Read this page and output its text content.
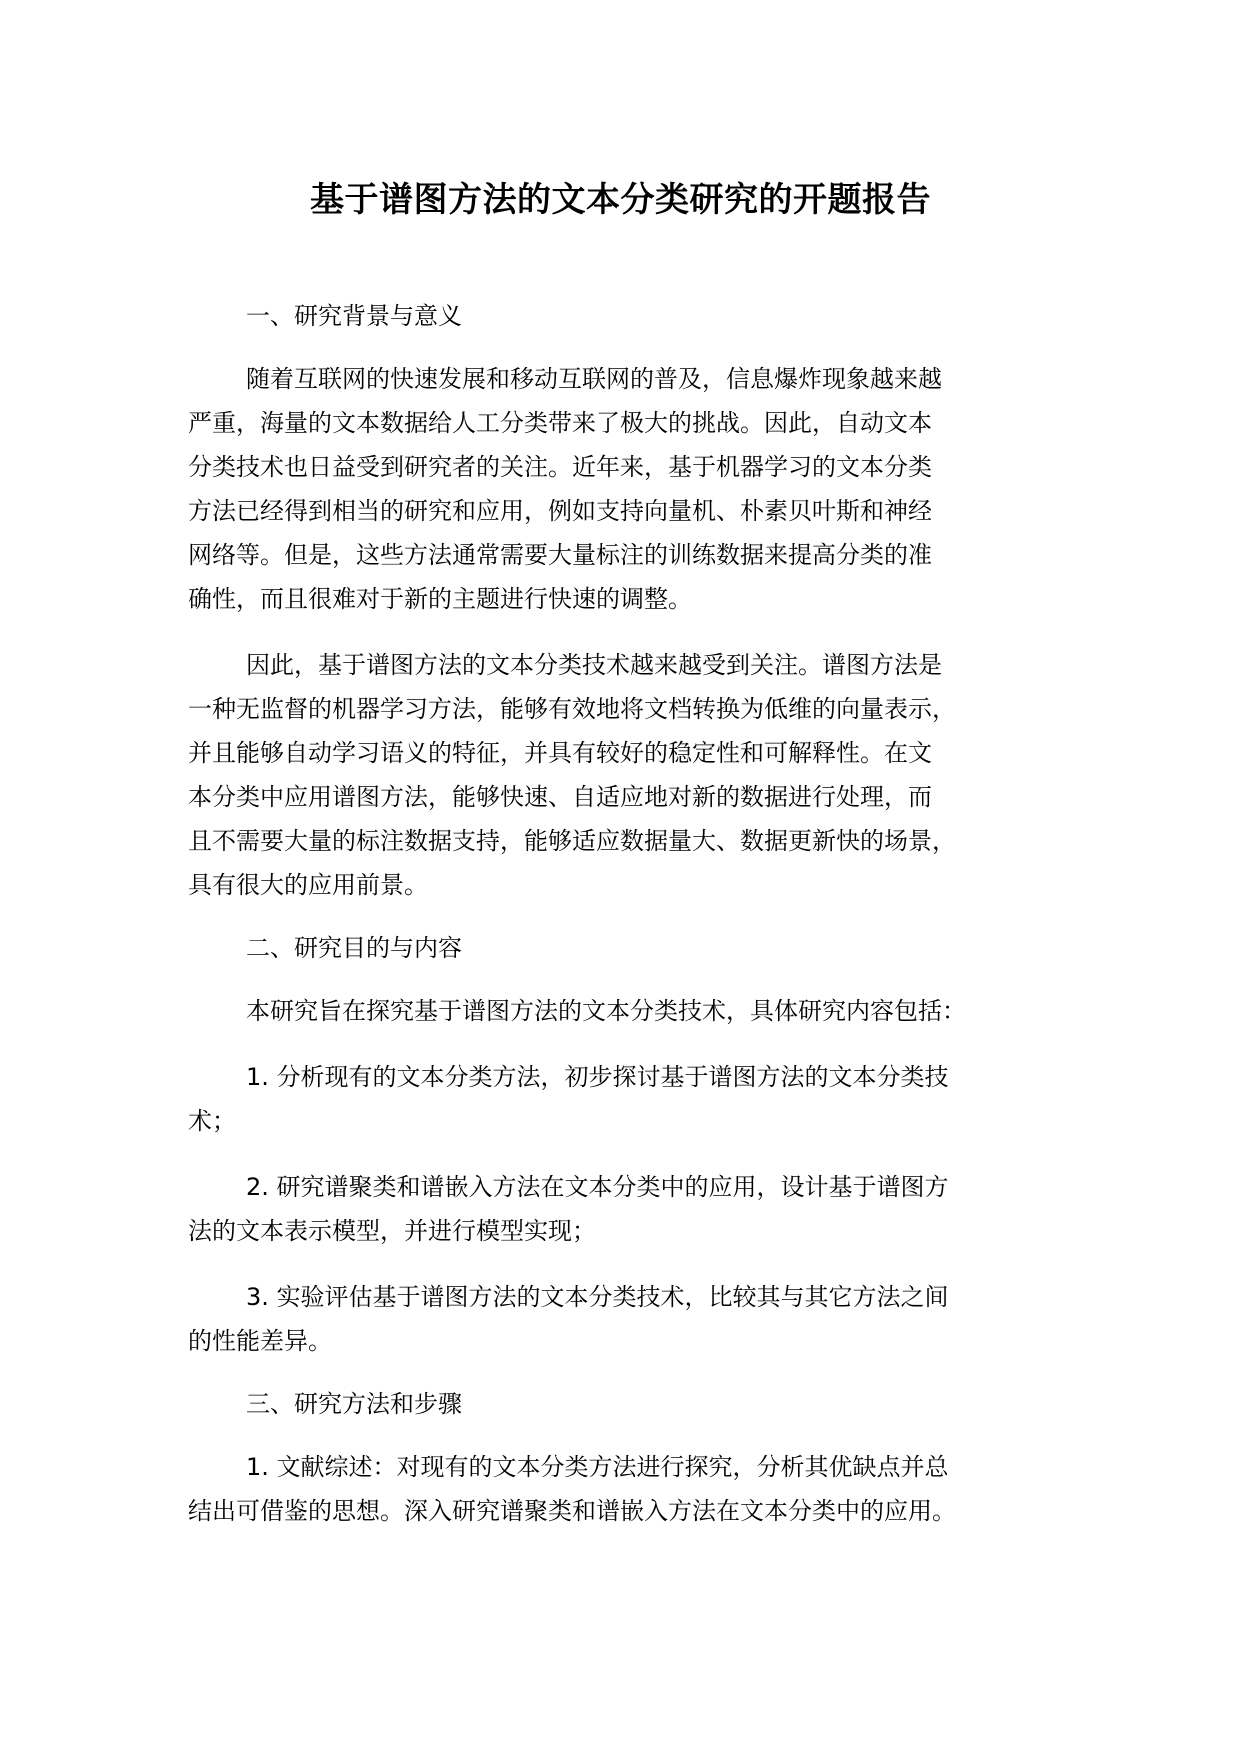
基于谱图方法的文本分类研究的开题报告

一、研究背景与意义

随着互联网的快速发展和移动互联网的普及，信息爆炸现象越来越
严重，海量的文本数据给人工分类带来了极大的挑战。因此，自动文本
分类技术也日益受到研究者的关注。近年来，基于机器学习的文本分类
方法已经得到相当的研究和应用，例如支持向量机、朴素贝叶斯和神经
网络等。但是，这些方法通常需要大量标注的训练数据来提高分类的准
确性，而且很难对于新的主题进行快速的调整。

因此，基于谱图方法的文本分类技术越来越受到关注。谱图方法是
一种无监督的机器学习方法，能够有效地将文档转换为低维的向量表示，
并且能够自动学习语义的特征，并具有较好的稳定性和可解释性。在文
本分类中应用谱图方法，能够快速、自适应地对新的数据进行处理，而
且不需要大量的标注数据支持，能够适应数据量大、数据更新快的场景，
具有很大的应用前景。

二、研究目的与内容

本研究旨在探究基于谱图方法的文本分类技术，具体研究内容包括：

1. 分析现有的文本分类方法，初步探讨基于谱图方法的文本分类技
术；

2. 研究谱聚类和谱嵌入方法在文本分类中的应用，设计基于谱图方
法的文本表示模型，并进行模型实现；

3. 实验评估基于谱图方法的文本分类技术，比较其与其它方法之间
的性能差异。

三、研究方法和步骤

1. 文献综述：对现有的文本分类方法进行探究，分析其优缺点并总
结出可借鉴的思想。深入研究谱聚类和谱嵌入方法在文本分类中的应用。
